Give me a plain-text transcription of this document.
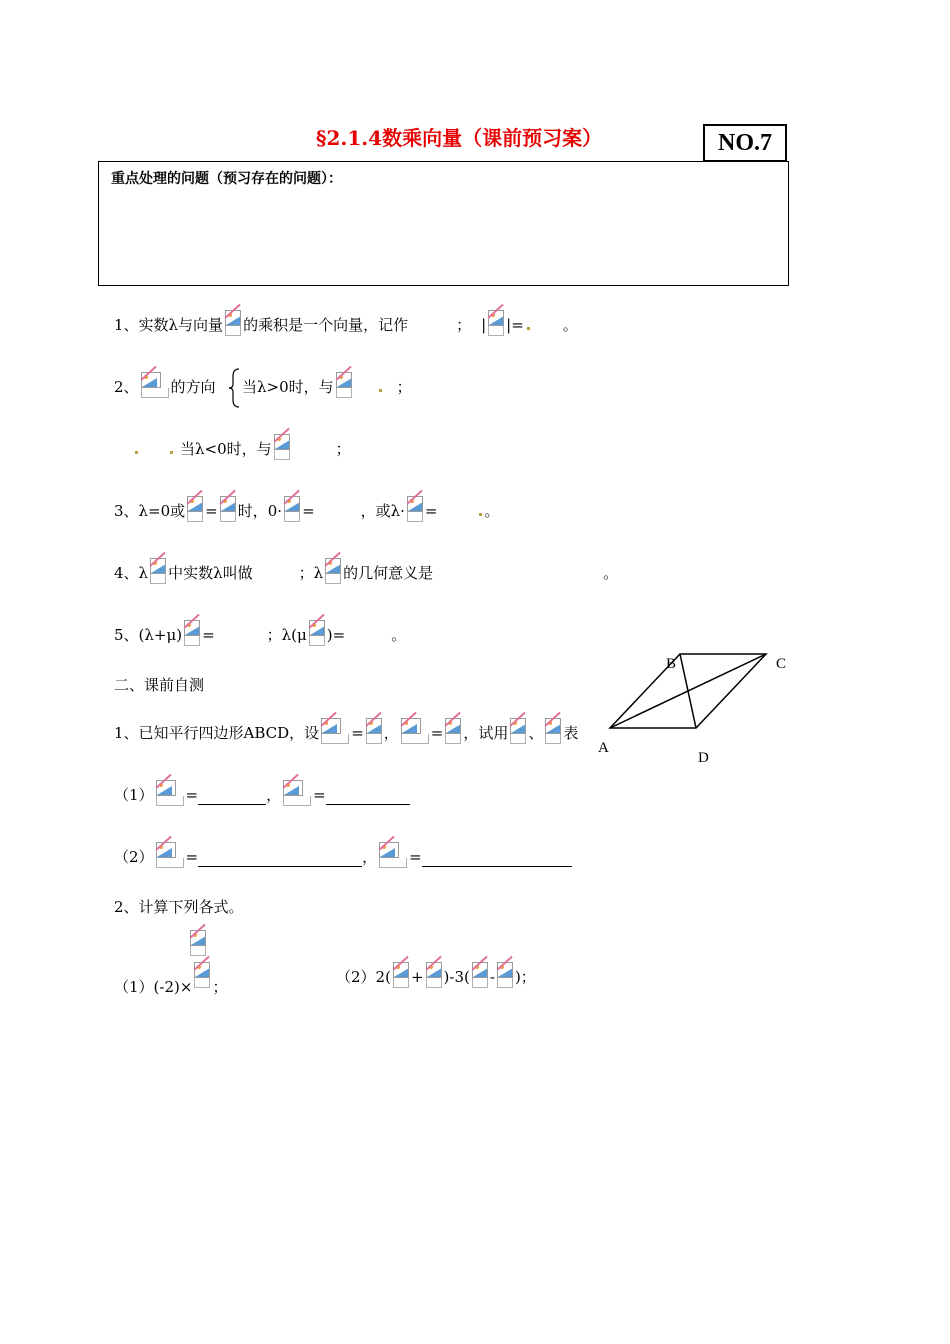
§2.1.4数乘向量（课前预习案）	NO.7
重点处理的问题（预习存在的问题）：
1、实数λ与向量 的乘积是一个向量，记作	； | |=	。
2、 的方向 当λ>0时，与	；
当λ<0时，与	；
3、λ=0或 = 时，0· =	，或λ· =	。
4、λ 中实数λ叫做	；λ 的几何意义是	。
5、(λ+μ) =	；λ(μ )=	。
二、课前自测
1、已知平行四边形ABCD，设 = ， = ，试用 、 表
B	C
A
D
（1） =	， =
（2） =	， =
2、计算下列各式。
（1）(-2)× ；
（2）2( + )-3( - )；
